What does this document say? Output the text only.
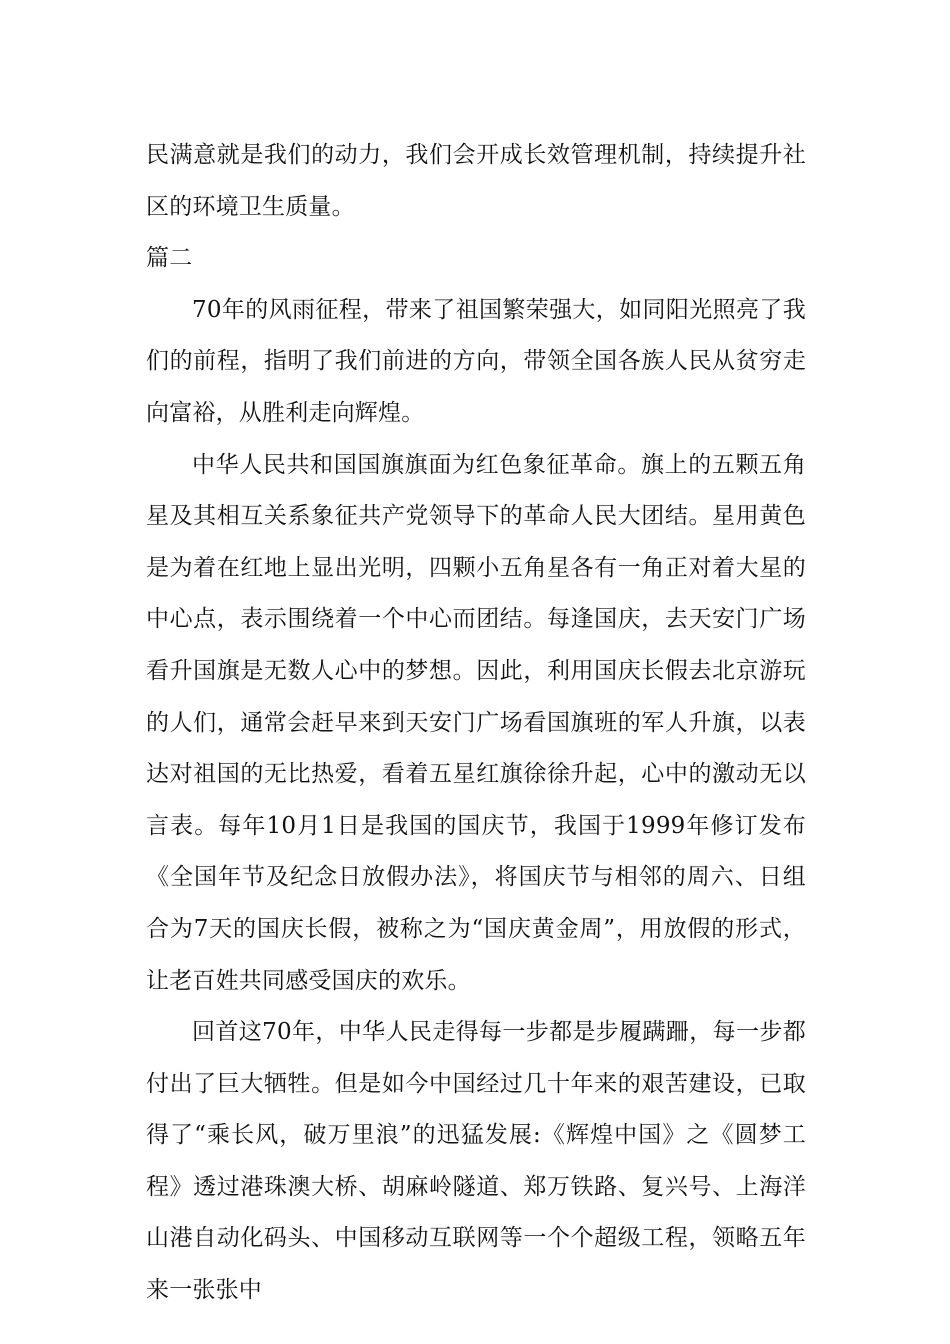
民满意就是我们的动力，我们会开成长效管理机制，持续提升社区的环境卫生质量。

篇二

70年的风雨征程，带来了祖国繁荣强大，如同阳光照亮了我们的前程，指明了我们前进的方向，带领全国各族人民从贫穷走向富裕，从胜利走向辉煌。

中华人民共和国国旗旗面为红色象征革命。旗上的五颗五角星及其相互关系象征共产党领导下的革命人民大团结。星用黄色是为着在红地上显出光明，四颗小五角星各有一角正对着大星的中心点，表示围绕着一个中心而团结。每逢国庆，去天安门广场看升国旗是无数人心中的梦想。因此，利用国庆长假去北京游玩的人们，通常会赶早来到天安门广场看国旗班的军人升旗，以表达对祖国的无比热爱，看着五星红旗徐徐升起，心中的激动无以言表。每年10月1日是我国的国庆节，我国于1999年修订发布《全国年节及纪念日放假办法》，将国庆节与相邻的周六、日组合为7天的国庆长假，被称之为“国庆黄金周”，用放假的形式，让老百姓共同感受国庆的欢乐。

回首这70年，中华人民走得每一步都是步履蹒跚，每一步都付出了巨大牺牲。但是如今中国经过几十年来的艰苦建设，已取得了“乘长风，破万里浪”的迅猛发展:《辉煌中国》之《圆梦工程》透过港珠澳大桥、胡麻岭隧道、郑万铁路、复兴号、上海洋山港自动化码头、中国移动互联网等一个个超级工程，领略五年来一张张中
